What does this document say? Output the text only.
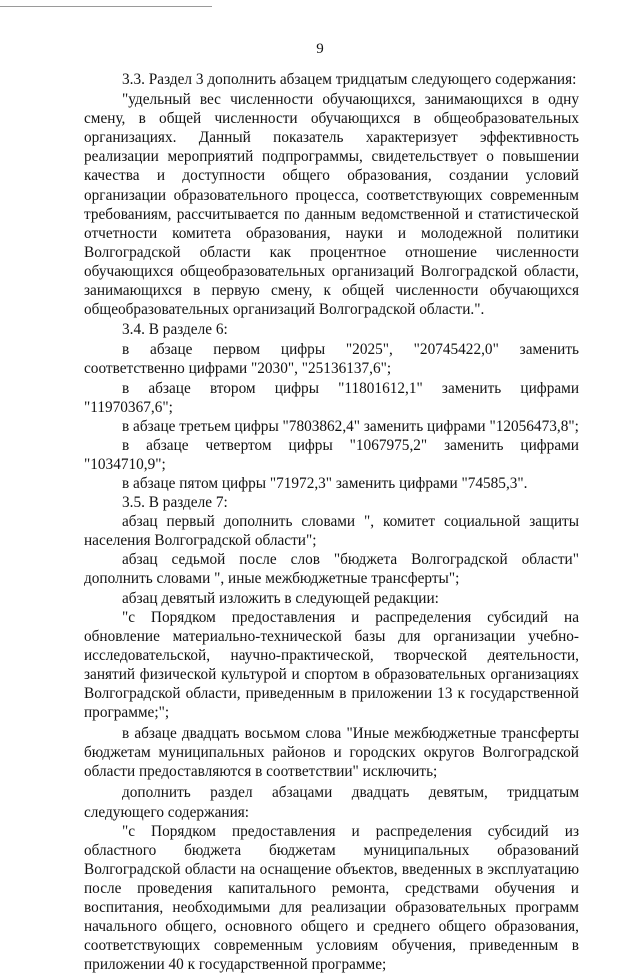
9

3.3. Раздел 3 дополнить абзацем тридцатым следующего содержания:

"удельный вес численности обучающихся, занимающихся в одну смену, в общей численности обучающихся в общеобразовательных организациях. Данный показатель характеризует эффективность реализации мероприятий подпрограммы, свидетельствует о повышении качества и доступности общего образования, создании условий организации образовательного процесса, соответствующих современным требованиям, рассчитывается по данным ведомственной и статистической отчетности комитета образования, науки и молодежной политики Волгоградской области как процентное отношение численности обучающихся общеобразовательных организаций Волгоградской области, занимающихся в первую смену, к общей численности обучающихся общеобразовательных организаций Волгоградской области.".

3.4. В разделе 6:

в абзаце первом цифры "2025", "20745422,0" заменить соответственно цифрами "2030", "25136137,6";

в абзаце втором цифры "11801612,1" заменить цифрами "11970367,6";

в абзаце третьем цифры "7803862,4" заменить цифрами "12056473,8";

в абзаце четвертом цифры "1067975,2" заменить цифрами "1034710,9";

в абзаце пятом цифры "71972,3" заменить цифрами "74585,3".

3.5. В разделе 7:

абзац первый дополнить словами ", комитет социальной защиты населения Волгоградской области";

абзац седьмой после слов "бюджета Волгоградской области" дополнить словами ", иные межбюджетные трансферты";

абзац девятый изложить в следующей редакции:

"с Порядком предоставления и распределения субсидий на обновление материально-технической базы для организации учебно-исследовательской, научно-практической, творческой деятельности, занятий физической культурой и спортом в образовательных организациях Волгоградской области, приведенным в приложении 13 к государственной программе;";

в абзаце двадцать восьмом слова "Иные межбюджетные трансферты бюджетам муниципальных районов и городских округов Волгоградской области предоставляются в соответствии" исключить;

дополнить раздел абзацами двадцать девятым, тридцатым следующего содержания:

"с Порядком предоставления и распределения субсидий из областного бюджета бюджетам муниципальных образований Волгоградской области на оснащение объектов, введенных в эксплуатацию после проведения капитального ремонта, средствами обучения и воспитания, необходимыми для реализации образовательных программ начального общего, основного общего и среднего общего образования, соответствующих современным условиям обучения, приведенным в приложении 40 к государственной программе;
